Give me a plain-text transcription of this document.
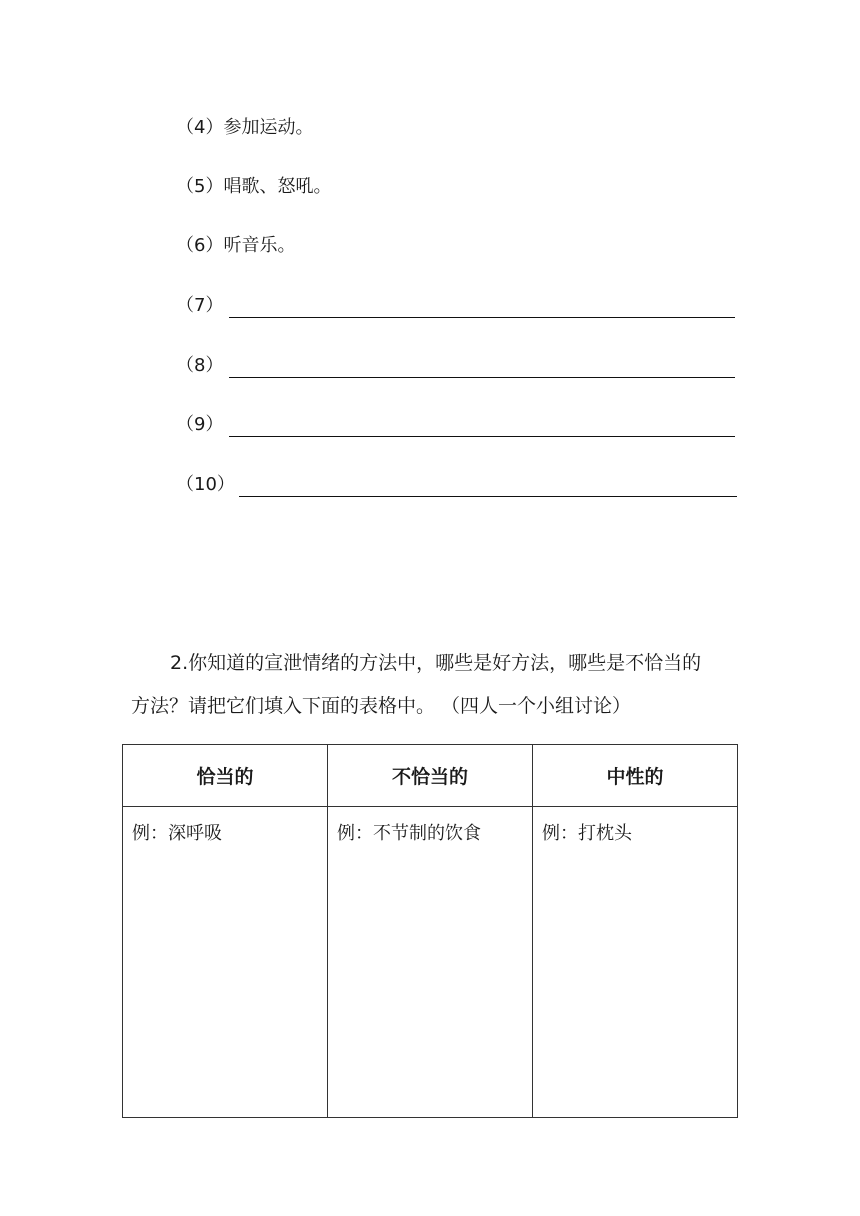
（4）参加运动。
（5）唱歌、怒吼。
（6）听音乐。
（7）
（8）
（9）
（10）
2.你知道的宣泄情绪的方法中，哪些是好方法，哪些是不恰当的
方法？请把它们填入下面的表格中。 （四人一个小组讨论）
恰当的	不恰当的	中性的
例：深呼吸	例：不节制的饮食	例：打枕头
